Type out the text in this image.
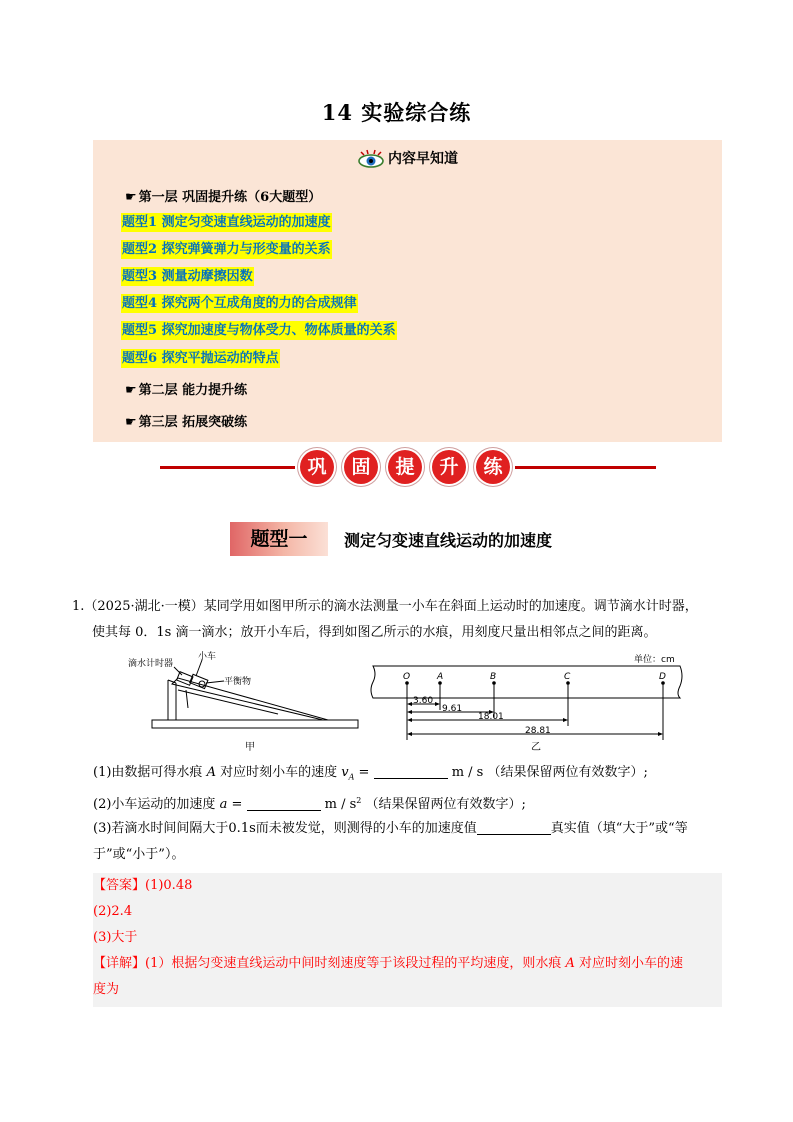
14 实验综合练
内容早知道
☛ 第一层 巩固提升练（6大题型）
题型1 测定匀变速直线运动的加速度
题型2 探究弹簧弹力与形变量的关系
题型3 测量动摩擦因数
题型4 探究两个互成角度的力的合成规律
题型5 探究加速度与物体受力、物体质量的关系
题型6 探究平抛运动的特点
☛ 第二层 能力提升练
☛ 第三层 拓展突破练
巩	固	提	升	练
题型一	测定匀变速直线运动的加速度
1.（2025·湖北·一模）某同学用如图甲所示的滴水法测量一小车在斜面上运动时的加速度。调节滴水计时器，
使其每 0．1s 滴一滴水；放开小车后，得到如图乙所示的水痕，用刻度尺量出相邻点之间的距离。
滴水计时器
小车
平衡物
甲
O	A	B	C	D
3.60
9.61
18.01
28.81
单位：cm
乙
(1)由数据可得水痕 A 对应时刻小车的速度 $v_A$ =	m / s （结果保留两位有效数字）;
(2)小车运动的加速度 a =	m / $s^2$ （结果保留两位有效数字）;
(3)若滴水时间间隔大于0.1s而未被发觉，则测得的小车的加速度值	真实值（填“大于”或“等
于”或“小于”）。
【答案】(1)0.48
(2)2.4
(3)大于
【详解】(1）根据匀变速直线运动中间时刻速度等于该段过程的平均速度，则水痕 A 对应时刻小车的速
度为
